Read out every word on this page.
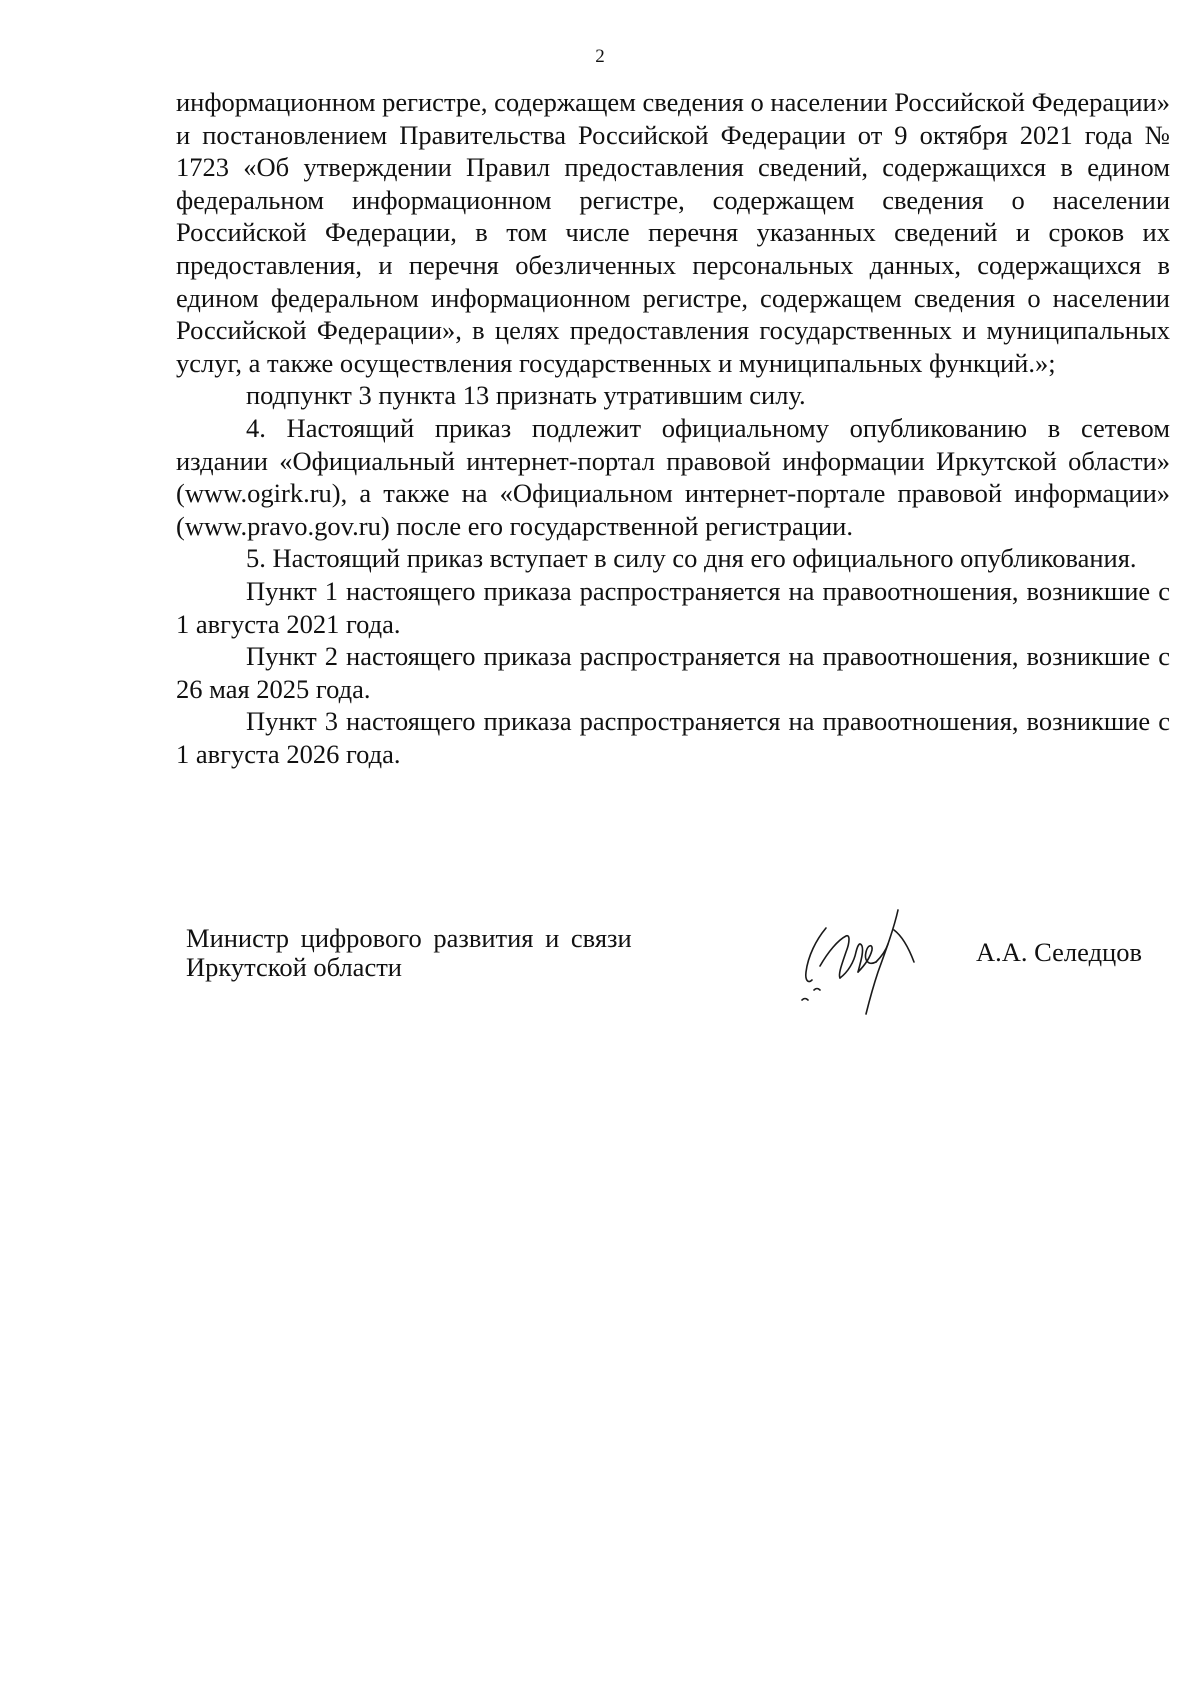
2

информационном регистре, содержащем сведения о населении Российской Федерации» и постановлением Правительства Российской Федерации от 9 октября 2021 года № 1723 «Об утверждении Правил предоставления сведений, содержащихся в едином федеральном информационном регистре, содержащем сведения о населении Российской Федерации, в том числе перечня указанных сведений и сроков их предоставления, и перечня обезличенных персональных данных, содержащихся в едином федеральном информационном регистре, содержащем сведения о населении Российской Федерации», в целях предоставления государственных и муниципальных услуг, а также осуществления государственных и муниципальных функций.»;

подпункт 3 пункта 13 признать утратившим силу.

4. Настоящий приказ подлежит официальному опубликованию в сетевом издании «Официальный интернет-портал правовой информации Иркутской области» (www.ogirk.ru), а также на «Официальном интернет-портале правовой информации» (www.pravo.gov.ru) после его государственной регистрации.

5. Настоящий приказ вступает в силу со дня его официального опубликования.

Пункт 1 настоящего приказа распространяется на правоотношения, возникшие с 1 августа 2021 года.

Пункт 2 настоящего приказа распространяется на правоотношения, возникшие с 26 мая 2025 года.

Пункт 3 настоящего приказа распространяется на правоотношения, возникшие с 1 августа 2026 года.

Министр цифрового развития и связи
Иркутской области	А.А. Селедцов
